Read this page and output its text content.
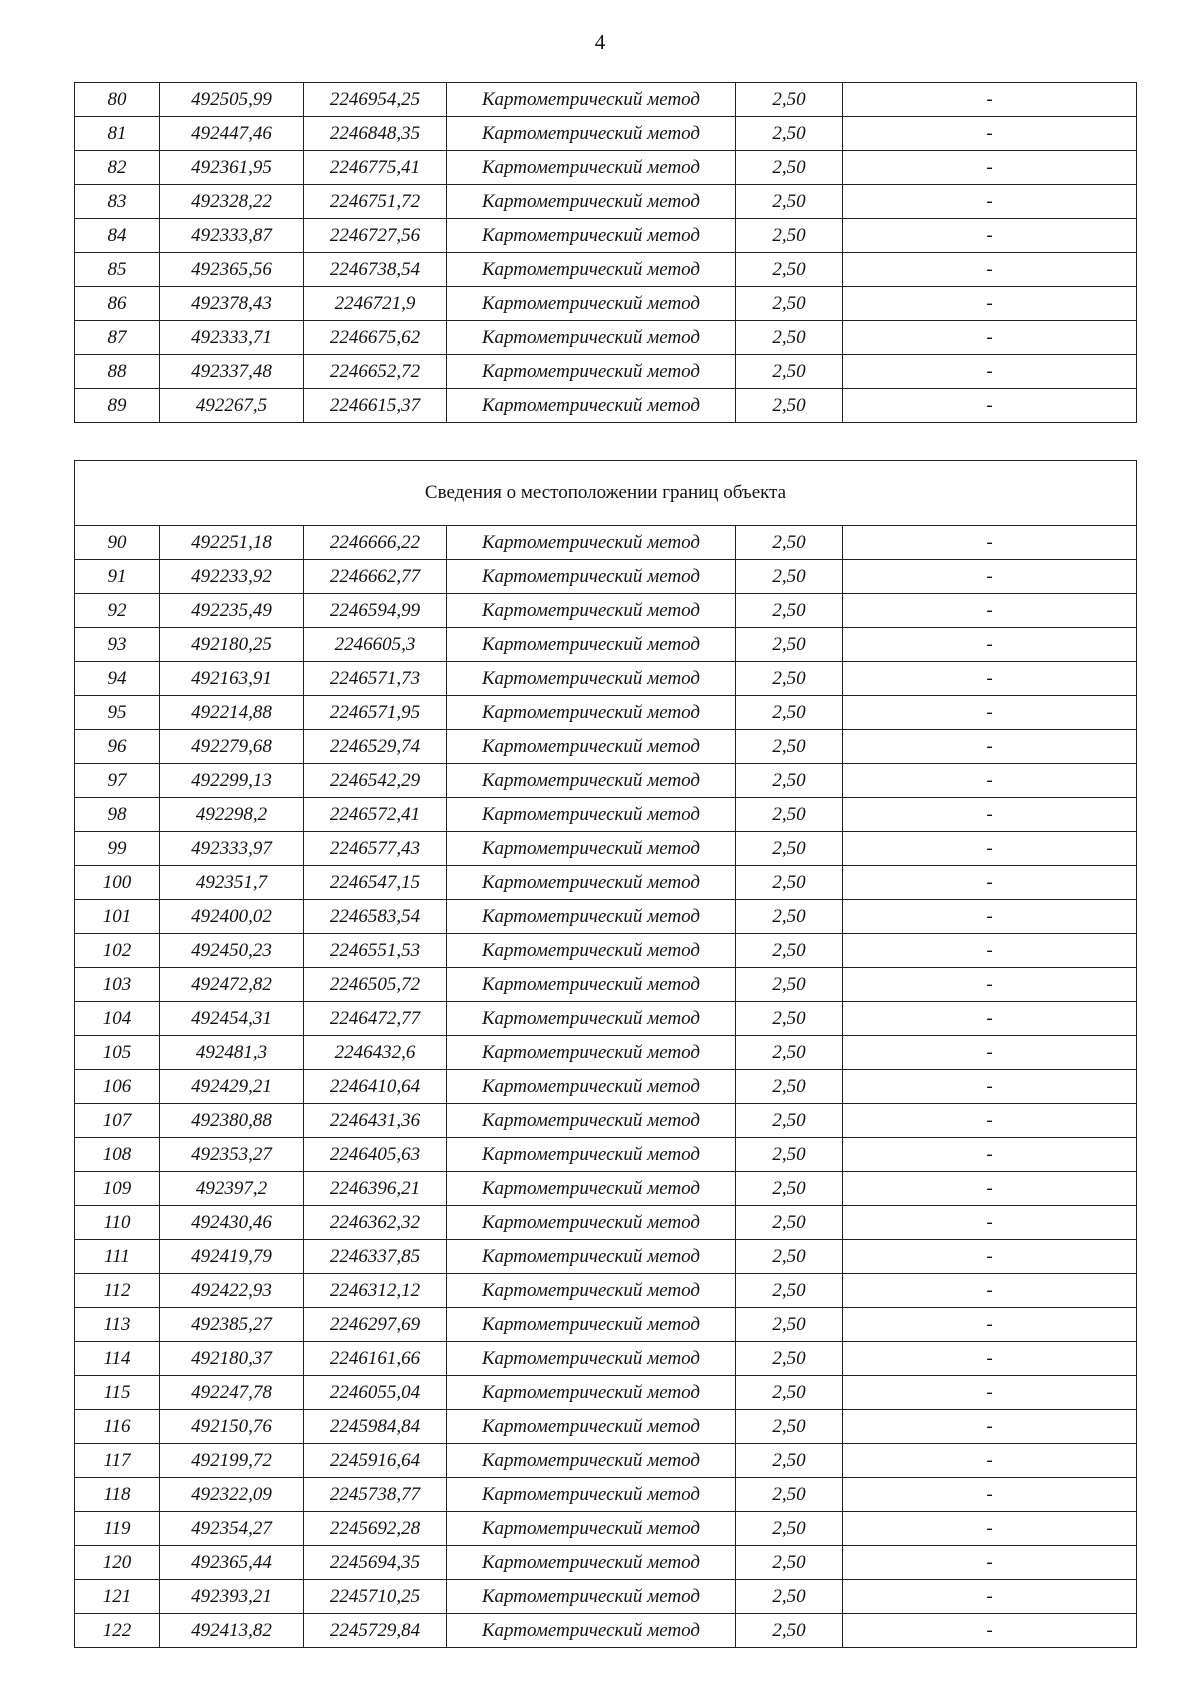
4
80	492505,99	2246954,25	Картометрический метод	2,50	-
81	492447,46	2246848,35	Картометрический метод	2,50	-
82	492361,95	2246775,41	Картометрический метод	2,50	-
83	492328,22	2246751,72	Картометрический метод	2,50	-
84	492333,87	2246727,56	Картометрический метод	2,50	-
85	492365,56	2246738,54	Картометрический метод	2,50	-
86	492378,43	2246721,9	Картометрический метод	2,50	-
87	492333,71	2246675,62	Картометрический метод	2,50	-
88	492337,48	2246652,72	Картометрический метод	2,50	-
89	492267,5	2246615,37	Картометрический метод	2,50	-
Сведения о местоположении границ объекта					
90	492251,18	2246666,22	Картометрический метод	2,50	-
91	492233,92	2246662,77	Картометрический метод	2,50	-
92	492235,49	2246594,99	Картометрический метод	2,50	-
93	492180,25	2246605,3	Картометрический метод	2,50	-
94	492163,91	2246571,73	Картометрический метод	2,50	-
95	492214,88	2246571,95	Картометрический метод	2,50	-
96	492279,68	2246529,74	Картометрический метод	2,50	-
97	492299,13	2246542,29	Картометрический метод	2,50	-
98	492298,2	2246572,41	Картометрический метод	2,50	-
99	492333,97	2246577,43	Картометрический метод	2,50	-
100	492351,7	2246547,15	Картометрический метод	2,50	-
101	492400,02	2246583,54	Картометрический метод	2,50	-
102	492450,23	2246551,53	Картометрический метод	2,50	-
103	492472,82	2246505,72	Картометрический метод	2,50	-
104	492454,31	2246472,77	Картометрический метод	2,50	-
105	492481,3	2246432,6	Картометрический метод	2,50	-
106	492429,21	2246410,64	Картометрический метод	2,50	-
107	492380,88	2246431,36	Картометрический метод	2,50	-
108	492353,27	2246405,63	Картометрический метод	2,50	-
109	492397,2	2246396,21	Картометрический метод	2,50	-
110	492430,46	2246362,32	Картометрический метод	2,50	-
111	492419,79	2246337,85	Картометрический метод	2,50	-
112	492422,93	2246312,12	Картометрический метод	2,50	-
113	492385,27	2246297,69	Картометрический метод	2,50	-
114	492180,37	2246161,66	Картометрический метод	2,50	-
115	492247,78	2246055,04	Картометрический метод	2,50	-
116	492150,76	2245984,84	Картометрический метод	2,50	-
117	492199,72	2245916,64	Картометрический метод	2,50	-
118	492322,09	2245738,77	Картометрический метод	2,50	-
119	492354,27	2245692,28	Картометрический метод	2,50	-
120	492365,44	2245694,35	Картометрический метод	2,50	-
121	492393,21	2245710,25	Картометрический метод	2,50	-
122	492413,82	2245729,84	Картометрический метод	2,50	-
